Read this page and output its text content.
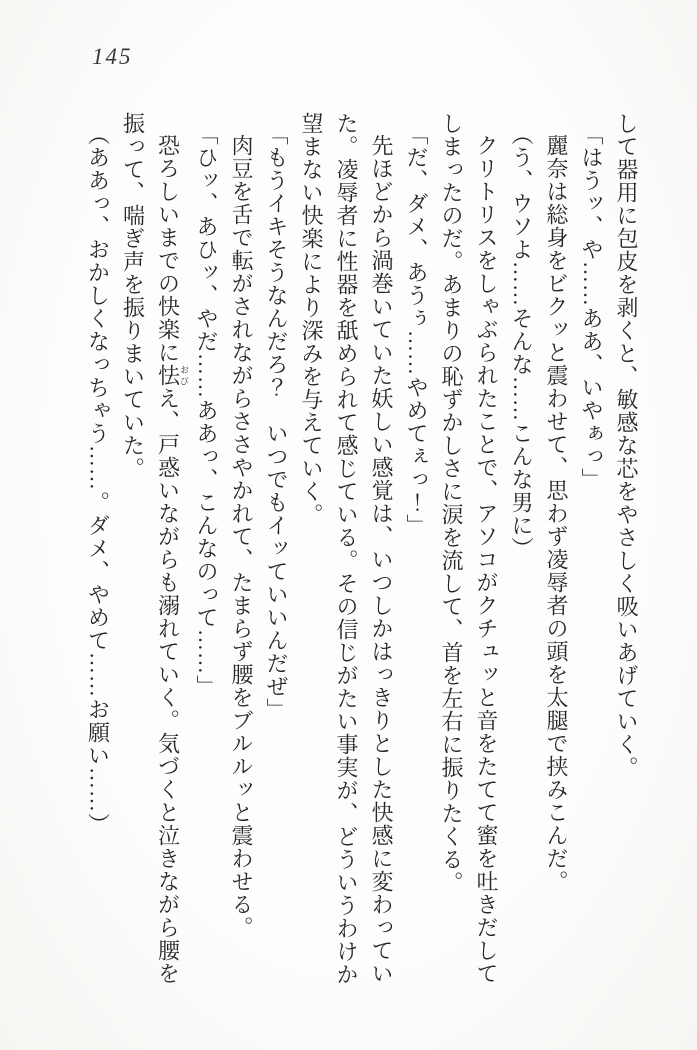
145

して器用に包皮を剥くと、敏感な芯をやさしく吸いあげていく。

「はうッ、や……ああ、いやぁっ」

麗奈は総身をビクッと震わせて、思わず凌辱者の頭を太腿で挟みこんだ。

（う、ウソよ……そんな……こんな男に）

クリトリスをしゃぶられたことで、アソコがクチュッと音をたてて蜜を吐きだしてしまったのだ。あまりの恥ずかしさに涙を流して、首を左右に振りたくる。

「だ、ダメ、あうぅ……やめてぇっ！」

先ほどから渦巻いていた妖しい感覚は、いつしかはっきりとした快感に変わっていた。凌辱者に性器を舐められて感じている。その信じがたい事実が、どういうわけか望まない快楽により深みを与えていく。

「もうイキそうなんだろ？　いつでもイッていいんだぜ」

肉豆を舌で転がされながらささやかれて、たまらず腰をブルルッと震わせる。

「ひッ、あひッ、やだ……ああっ、こんなのって……」

恐ろしいまでの快楽に怯おびえ、戸惑いながらも溺れていく。気づくと泣きながら腰を振って、喘ぎ声を振りまいていた。

（ああっ、おかしくなっちゃう……。ダメ、やめて……お願い……）
